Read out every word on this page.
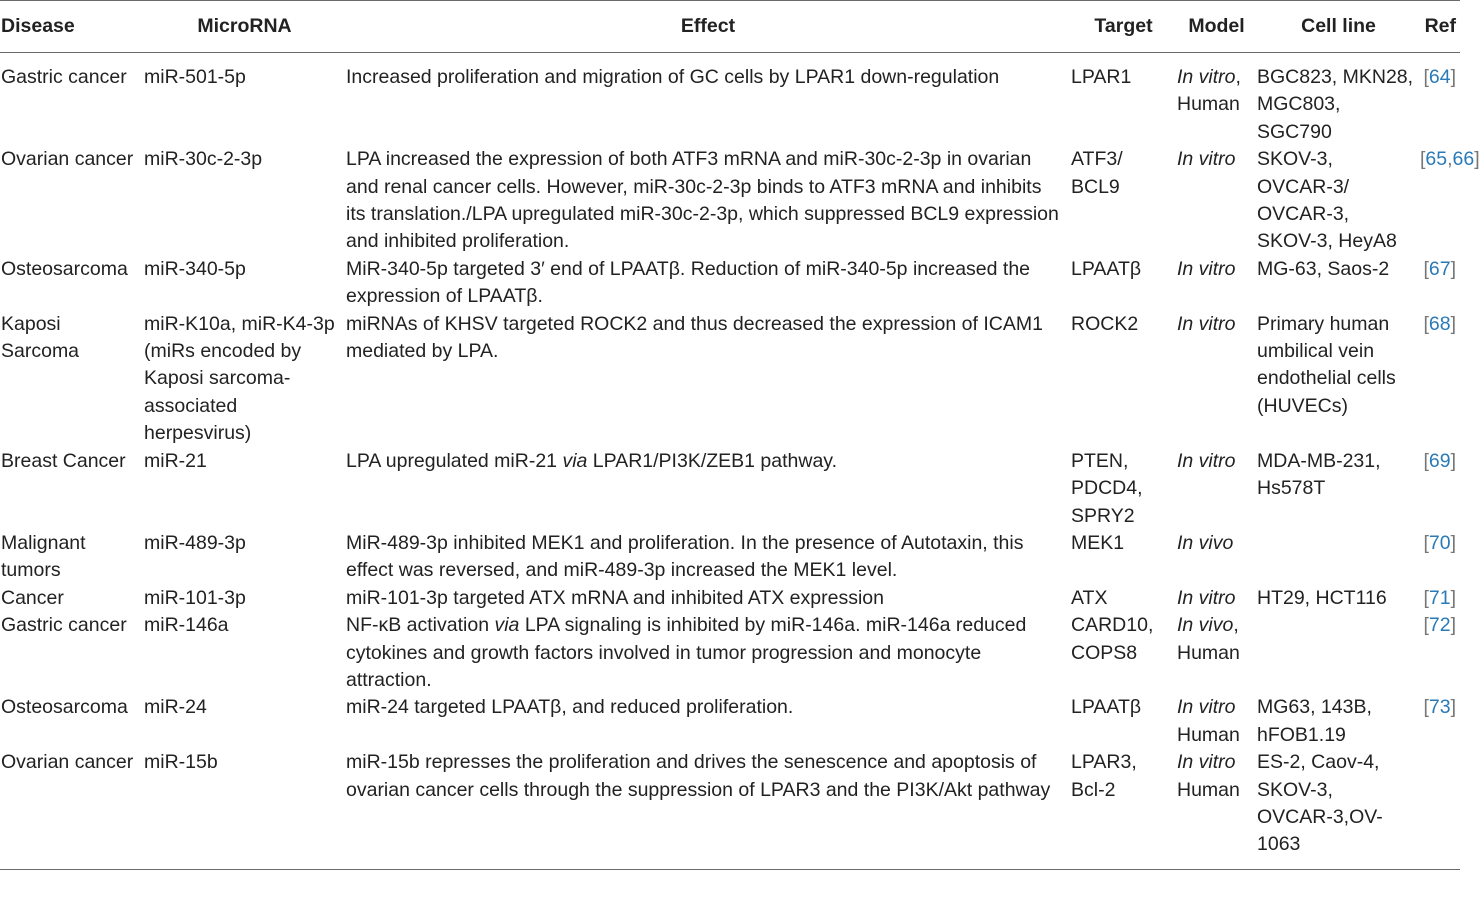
Disease	MicroRNA	Effect	Target	Model	Cell line	Ref
Gastric cancer	miR-501-5p	Increased proliferation and migration of GC cells by LPAR1 down-regulation	LPAR1	In vitro, Human	BGC823, MKN28, MGC803, SGC790	[64]
Ovarian cancer	miR-30c-2-3p	LPA increased the expression of both ATF3 mRNA and miR-30c-2-3p in ovarian and renal cancer cells. However, miR-30c-2-3p binds to ATF3 mRNA and inhibits its translation./LPA upregulated miR-30c-2-3p, which suppressed BCL9 expression and inhibited proliferation.	ATF3/ BCL9	In vitro	SKOV-3, OVCAR-3/ OVCAR-3, SKOV-3, HeyA8	[65,66]
Osteosarcoma	miR-340-5p	MiR-340-5p targeted 3′ end of LPAATβ. Reduction of miR-340-5p increased the expression of LPAATβ.	LPAATβ	In vitro	MG-63, Saos-2	[67]
Kaposi Sarcoma	miR-K10a, miR-K4-3p (miRs encoded by Kaposi sarcoma-associated herpesvirus)	miRNAs of KHSV targeted ROCK2 and thus decreased the expression of ICAM1 mediated by LPA.	ROCK2	In vitro	Primary human umbilical vein endothelial cells (HUVECs)	[68]
Breast Cancer	miR-21	LPA upregulated miR-21 via LPAR1/PI3K/ZEB1 pathway.	PTEN, PDCD4, SPRY2	In vitro	MDA-MB-231, Hs578T	[69]
Malignant tumors	miR-489-3p	MiR-489-3p inhibited MEK1 and proliferation. In the presence of Autotaxin, this effect was reversed, and miR-489-3p increased the MEK1 level.	MEK1	In vivo		[70]
Cancer	miR-101-3p	miR-101-3p targeted ATX mRNA and inhibited ATX expression	ATX	In vitro	HT29, HCT116	[71]
Gastric cancer	miR-146a	NF-κB activation via LPA signaling is inhibited by miR-146a. miR-146a reduced cytokines and growth factors involved in tumor progression and monocyte attraction.	CARD10, COPS8	In vivo, Human		[72]
Osteosarcoma	miR-24	miR-24 targeted LPAATβ, and reduced proliferation.	LPAATβ	In vitro Human	MG63, 143B, hFOB1.19	[73]
Ovarian cancer	miR-15b	miR-15b represses the proliferation and drives the senescence and apoptosis of ovarian cancer cells through the suppression of LPAR3 and the PI3K/Akt pathway	LPAR3, Bcl-2	In vitro Human	ES-2, Caov-4, SKOV-3, OVCAR-3,OV-1063	
